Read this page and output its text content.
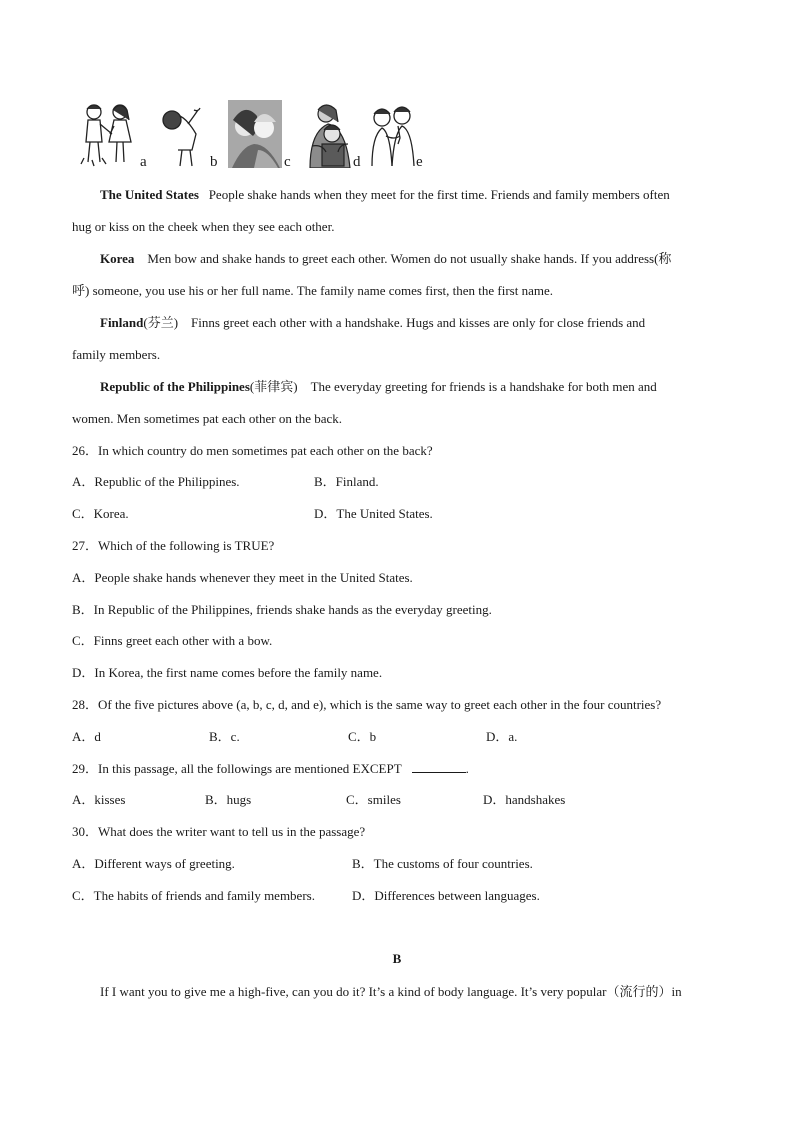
a	b	c	d	e
The United States People shake hands when they meet for the first time. Friends and family members often
hug or kiss on the cheek when they see each other.
Korea Men bow and shake hands to greet each other. Women do not usually shake hands. If you address(称
呼) someone, you use his or her full name. The family name comes first, then the first name.
Finland(芬兰) Finns greet each other with a handshake. Hugs and kisses are only for close friends and
family members.
Republic of the Philippines(菲律宾) The everyday greeting for friends is a handshake for both men and
women. Men sometimes pat each other on the back.
26．In which country do men sometimes pat each other on the back?
A．Republic of the Philippines.	B．Finland.
C．Korea.	D．The United States.
27．Which of the following is TRUE?
A．People shake hands whenever they meet in the United States.
B．In Republic of the Philippines, friends shake hands as the everyday greeting.
C．Finns greet each other with a bow.
D．In Korea, the first name comes before the family name.
28．Of the five pictures above (a, b, c, d, and e), which is the same way to greet each other in the four countries?
A．d	B．c.	C．b	D．a.
29．In this passage, all the followings are mentioned EXCEPT	.
A．kisses	B．hugs	C．smiles	D．handshakes
30．What does the writer want to tell us in the passage?
A．Different ways of greeting.	B．The customs of four countries.
C．The habits of friends and family members.	D．Differences between languages.
B
If I want you to give me a high-five, can you do it? It’s a kind of body language. It’s very popular（流行的）in
